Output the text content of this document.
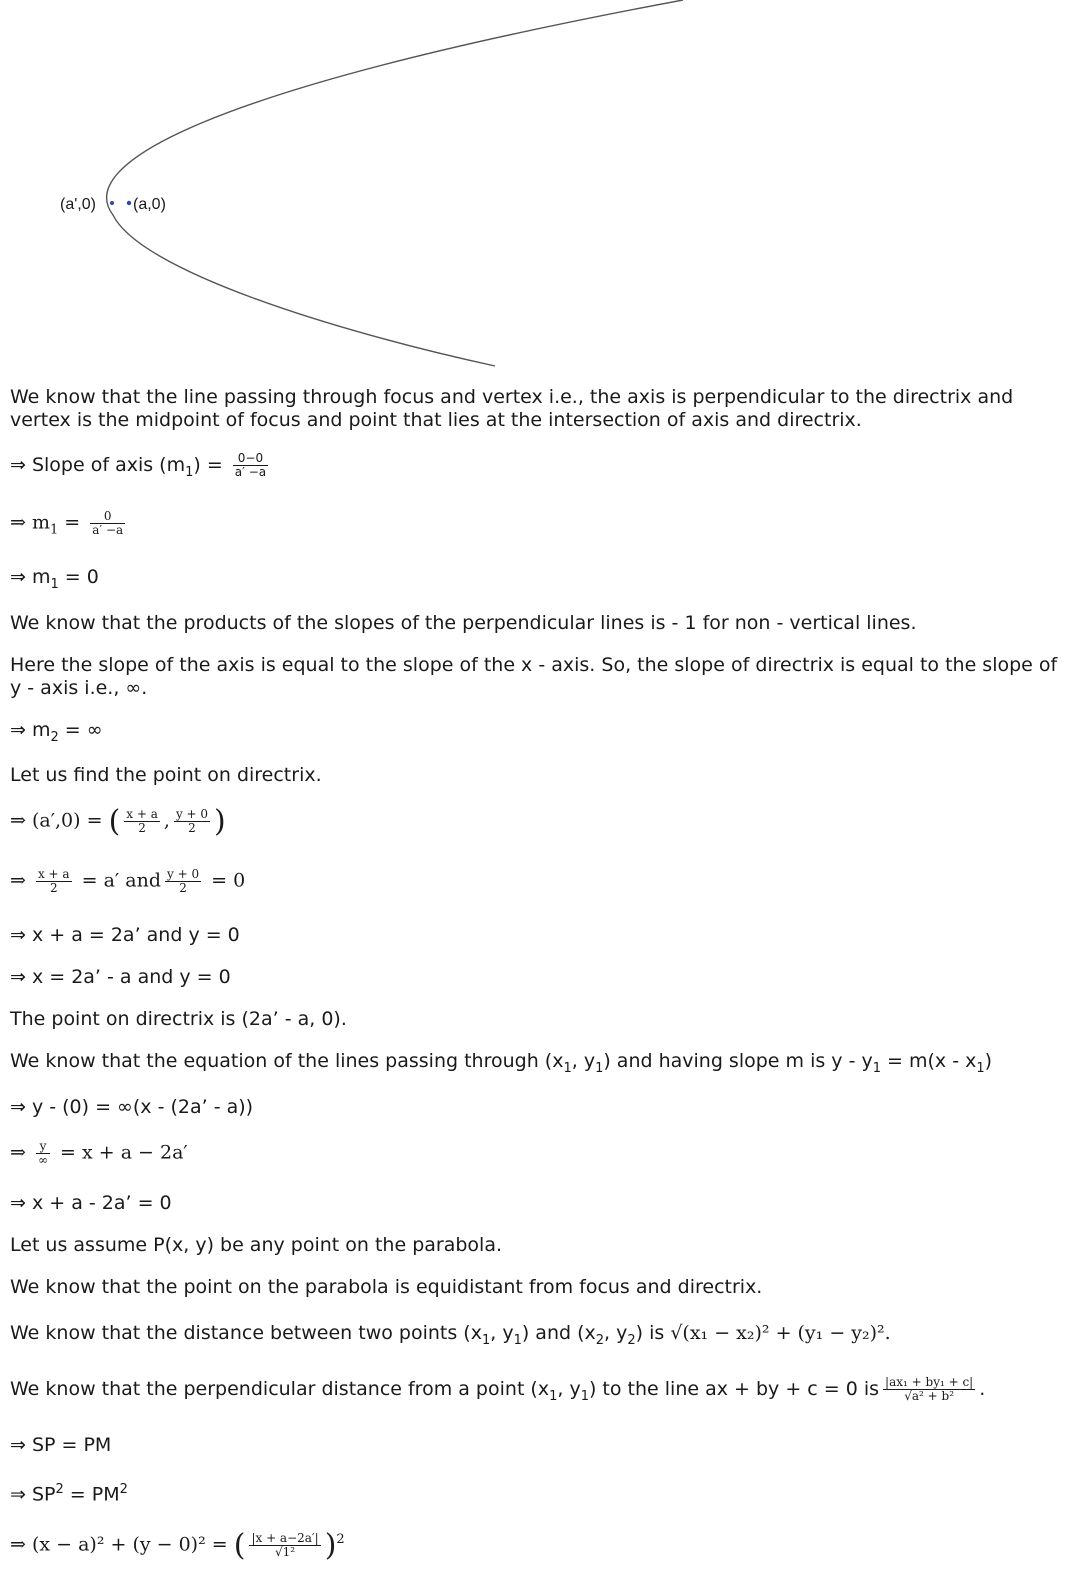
(a',0) (a,0)
We know that the line passing through focus and vertex i.e., the axis is perpendicular to the directrix and
vertex is the midpoint of focus and point that lies at the intersection of axis and directrix.
⇒ Slope of axis $(m_1) = \frac{0-0}{a' -a}$
⇒ $m_1 = \frac{0}{a' -a}$
⇒ $m_1 = 0$
We know that the products of the slopes of the perpendicular lines is - 1 for non - vertical lines.
Here the slope of the axis is equal to the slope of the x - axis. So, the slope of directrix is equal to the slope of
y - axis i.e., ∞.
⇒ $m_2$ = ∞
Let us find the point on directrix.
⇒ (a′,0) = ( $\frac{x + a}{2}$ , $\frac{y + 0}{2}$ )
⇒ $\frac{x + a}{2} = a'$ and $\frac{y + 0}{2} = 0$
⇒ x + a = 2a’ and y = 0
⇒ x = 2a’ - a and y = 0
The point on directrix is (2a’ - a, 0).
We know that the equation of the lines passing through ($x_1$, $y_1$) and having slope m is $y - y_1 = m(x - x_1)$
⇒ y - (0) = ∞(x - (2a’ - a))
⇒ $\frac{y}{\infty} = x + a - 2a'$
⇒ x + a - 2a’ = 0
Let us assume P(x, y) be any point on the parabola.
We know that the point on the parabola is equidistant from focus and directrix.
We know that the distance between two points ($x_1$, $y_1$) and ($x_2$, $y_2$) is √(x₁ − x₂)² + (y₁ − y₂)².
We know that the perpendicular distance from a point ($x_1$, $y_1$) to the line ax + by + c = 0 is $\frac{\text{|ax₁ + by₁ + c|}}{\text{√a² + b²}}$ .
⇒ SP = PM
⇒ $SP^2 = PM^2$
⇒ (x − a)² + (y − 0)² = ( $\frac{|x + a-2a'|}{\text{√1²}} )^2$
